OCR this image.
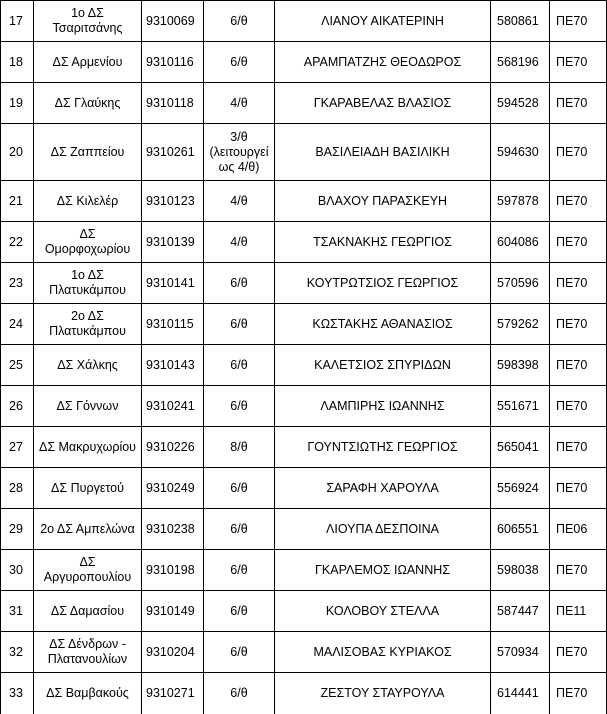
17	1ο ΔΣ Τσαριτσάνης	9310069	6/θ	ΛΙΑΝΟΥ ΑΙΚΑΤΕΡΙΝΗ	580861	ΠΕ70
18	ΔΣ Αρμενίου	9310116	6/θ	ΑΡΑΜΠΑΤΖΗΣ ΘΕΟΔΩΡΟΣ	568196	ΠΕ70
19	ΔΣ Γλαύκης	9310118	4/θ	ΓΚΑΡΑΒΕΛΑΣ ΒΛΑΣΙΟΣ	594528	ΠΕ70
20	ΔΣ Ζαππείου	9310261	3/θ (λειτουργεί ως 4/θ)	ΒΑΣΙΛΕΙΑΔΗ ΒΑΣΙΛΙΚΗ	594630	ΠΕ70
21	ΔΣ Κιλελέρ	9310123	4/θ	ΒΛΑΧΟΥ ΠΑΡΑΣΚΕΥΗ	597878	ΠΕ70
22	ΔΣ Ομορφοχωρίου	9310139	4/θ	ΤΣΑΚΝΑΚΗΣ ΓΕΩΡΓΙΟΣ	604086	ΠΕ70
23	1ο ΔΣ Πλατυκάμπου	9310141	6/θ	ΚΟΥΤΡΩΤΣΙΟΣ ΓΕΩΡΓΙΟΣ	570596	ΠΕ70
24	2ο ΔΣ Πλατυκάμπου	9310115	6/θ	ΚΩΣΤΑΚΗΣ ΑΘΑΝΑΣΙΟΣ	579262	ΠΕ70
25	ΔΣ Χάλκης	9310143	6/θ	ΚΑΛΕΤΣΙΟΣ ΣΠΥΡΙΔΩΝ	598398	ΠΕ70
26	ΔΣ Γόννων	9310241	6/θ	ΛΑΜΠΙΡΗΣ ΙΩΑΝΝΗΣ	551671	ΠΕ70
27	ΔΣ Μακρυχωρίου	9310226	8/θ	ΓΟΥΝΤΣΙΩΤΗΣ ΓΕΩΡΓΙΟΣ	565041	ΠΕ70
28	ΔΣ Πυργετού	9310249	6/θ	ΣΑΡΑΦΗ ΧΑΡΟΥΛΑ	556924	ΠΕ70
29	2ο ΔΣ Αμπελώνα	9310238	6/θ	ΛΙΟΥΠΑ ΔΕΣΠΟΙΝΑ	606551	ΠΕ06
30	ΔΣ Αργυροπουλίου	9310198	6/θ	ΓΚΑΡΛΕΜΟΣ ΙΩΑΝΝΗΣ	598038	ΠΕ70
31	ΔΣ Δαμασίου	9310149	6/θ	ΚΟΛΟΒΟΥ ΣΤΕΛΛΑ	587447	ΠΕ11
32	ΔΣ Δένδρων - Πλατανουλίων	9310204	6/θ	ΜΑΛΙΣΟΒΑΣ ΚΥΡΙΑΚΟΣ	570934	ΠΕ70
33	ΔΣ Βαμβακούς	9310271	6/θ	ΖΕΣΤΟΥ ΣΤΑΥΡΟΥΛΑ	614441	ΠΕ70
